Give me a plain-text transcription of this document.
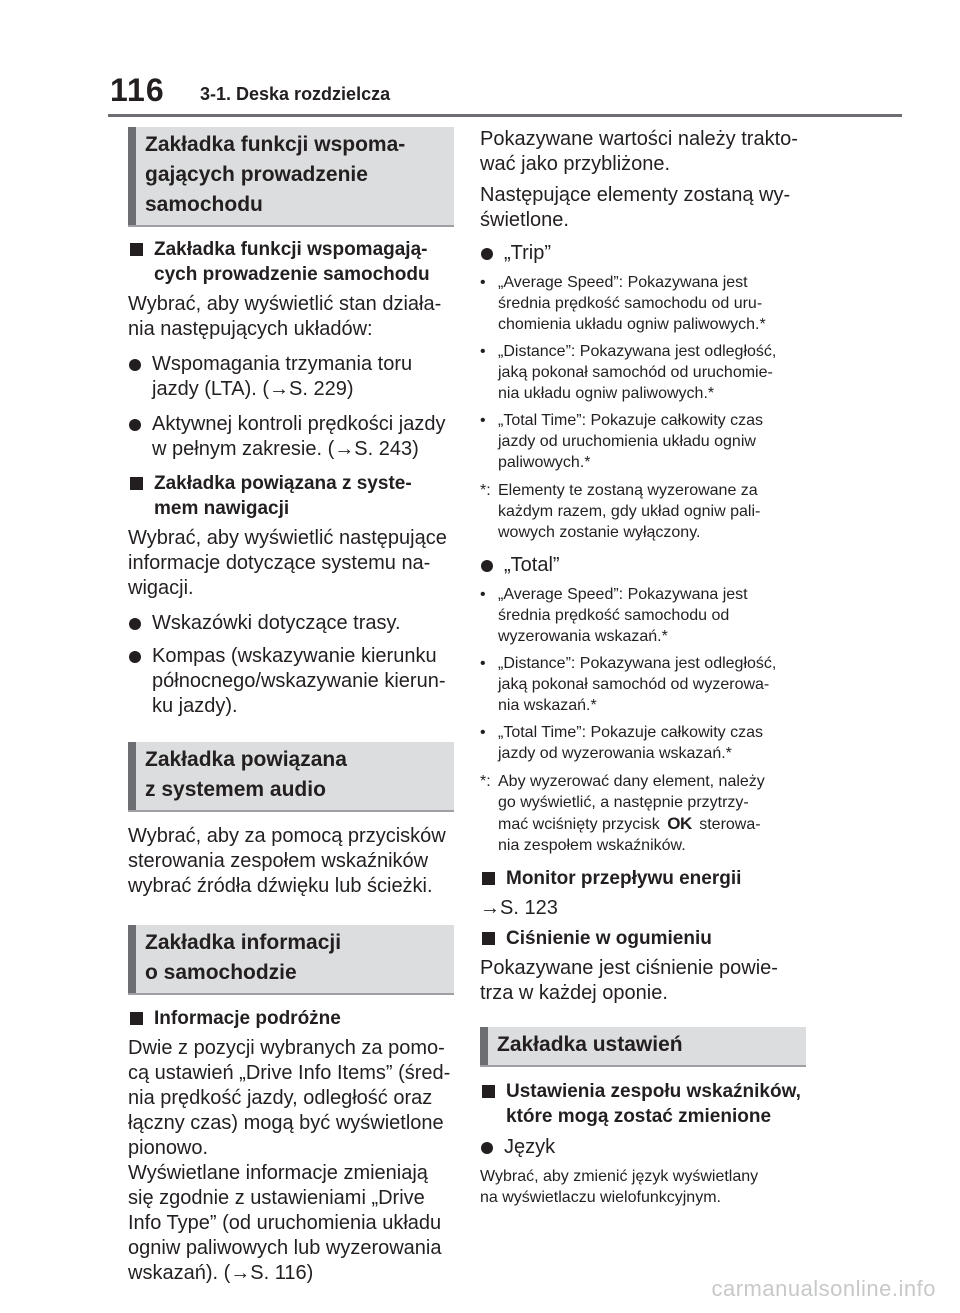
116 3-1. Deska rozdzielcza
Zakładka funkcji wspoma-
gających prowadzenie
samochodu
Zakładka funkcji wspomagają-
cych prowadzenie samochodu
Wybrać, aby wyświetlić stan działa-
nia następujących układów:
Wspomagania trzymania toru
jazdy (LTA). (→S. 229)
Aktywnej kontroli prędkości jazdy
w pełnym zakresie. (→S. 243)
Zakładka powiązana z syste-
mem nawigacji
Wybrać, aby wyświetlić następujące
informacje dotyczące systemu na-
wigacji.
Wskazówki dotyczące trasy.
Kompas (wskazywanie kierunku
północnego/wskazywanie kierun-
ku jazdy).
Zakładka powiązana
z systemem audio
Wybrać, aby za pomocą przycisków
sterowania zespołem wskaźników
wybrać źródła dźwięku lub ścieżki.
Zakładka informacji
o samochodzie
Informacje podróżne
Dwie z pozycji wybranych za pomo-
cą ustawień „Drive Info Items” (śred-
nia prędkość jazdy, odległość oraz
łączny czas) mogą być wyświetlone
pionowo.
Wyświetlane informacje zmieniają
się zgodnie z ustawieniami „Drive
Info Type” (od uruchomienia układu
ogniw paliwowych lub wyzerowania
wskazań). (→S. 116)
Pokazywane wartości należy trakto-
wać jako przybliżone.
Następujące elementy zostaną wy-
świetlone.
„Trip”
• „Average Speed”: Pokazywana jest
średnia prędkość samochodu od uru-
chomienia układu ogniw paliwowych.*
• „Distance”: Pokazywana jest odległość,
jaką pokonał samochód od uruchomie-
nia układu ogniw paliwowych.*
• „Total Time”: Pokazuje całkowity czas
jazdy od uruchomienia układu ogniw
paliwowych.*
*: Elementy te zostaną wyzerowane za
każdym razem, gdy układ ogniw pali-
wowych zostanie wyłączony.
„Total”
• „Average Speed”: Pokazywana jest
średnia prędkość samochodu od
wyzerowania wskazań.*
• „Distance”: Pokazywana jest odległość,
jaką pokonał samochód od wyzerowa-
nia wskazań.*
• „Total Time”: Pokazuje całkowity czas
jazdy od wyzerowania wskazań.*
*: Aby wyzerować dany element, należy
go wyświetlić, a następnie przytrzy-
mać wciśnięty przycisk OK sterowa-
nia zespołem wskaźników.
Monitor przepływu energii
→S. 123
Ciśnienie w ogumieniu
Pokazywane jest ciśnienie powie-
trza w każdej oponie.
Zakładka ustawień
Ustawienia zespołu wskaźników,
które mogą zostać zmienione
Język
Wybrać, aby zmienić język wyświetlany
na wyświetlaczu wielofunkcyjnym.
carmanualsonline.info
